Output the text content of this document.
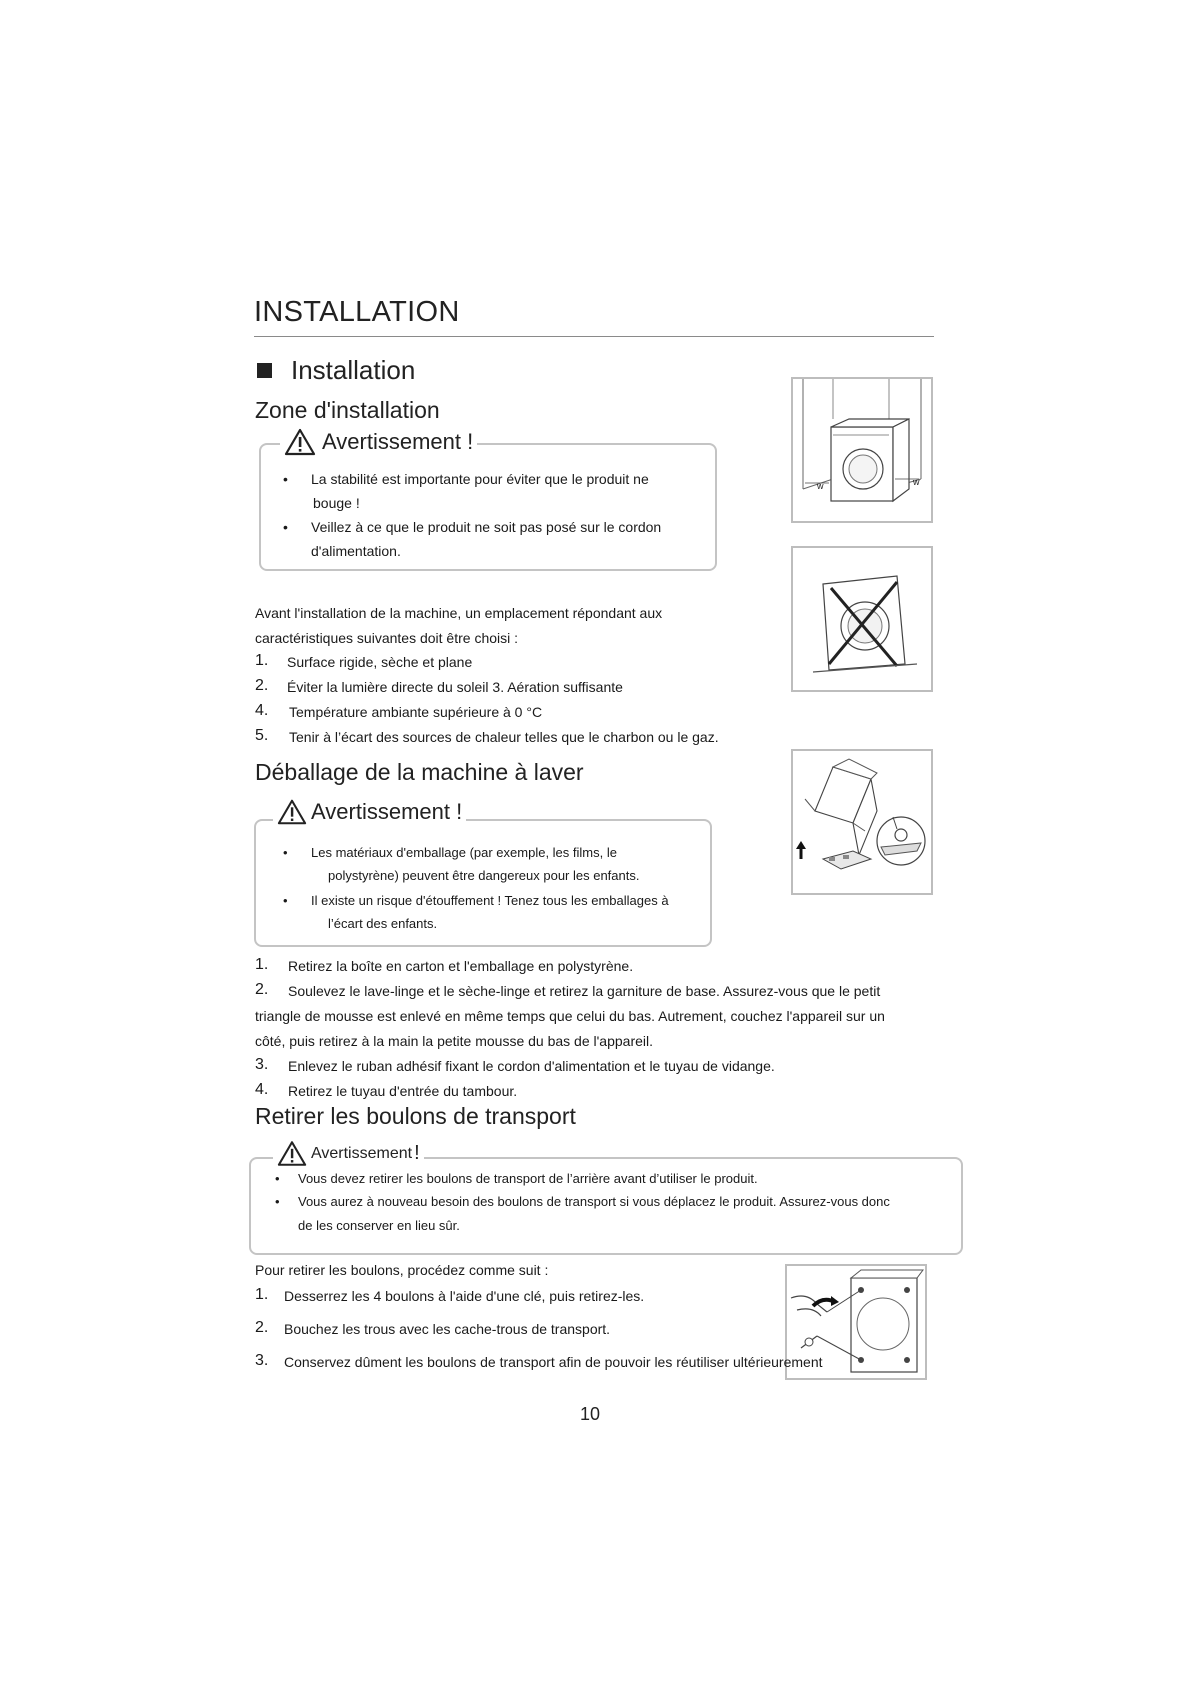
INSTALLATION
Installation
Zone d'installation
•	La stabilité est importante pour éviter que le produit ne
bouge !
•	Veillez à ce que le produit ne soit pas posé sur le cordon
d'alimentation.
Avertissement !
Avant l'installation de la machine, un emplacement répondant aux
caractéristiques suivantes doit être choisi :
1. Surface rigide, sèche et plane
2. Éviter la lumière directe du soleil 3. Aération suffisante
4. Température ambiante supérieure à 0 °C
5. Tenir à l’écart des sources de chaleur telles que le charbon ou le gaz.
w	w
Déballage de la machine à laver
•	Les matériaux d'emballage (par exemple, les films, le
polystyrène) peuvent être dangereux pour les enfants.
•	Il existe un risque d'étouffement ! Tenez tous les emballages à
l’écart des enfants.
Avertissement !
1. Retirez la boîte en carton et l'emballage en polystyrène.
2. Soulevez le lave-linge et le sèche-linge et retirez la garniture de base. Assurez-vous que le petit
triangle de mousse est enlevé en même temps que celui du bas. Autrement, couchez l'appareil sur un
côté, puis retirez à la main la petite mousse du bas de l'appareil.
3. Enlevez le ruban adhésif fixant le cordon d'alimentation et le tuyau de vidange.
4. Retirez le tuyau d'entrée du tambour.
Retirer les boulons de transport
•	Vous devez retirer les boulons de transport de l’arrière avant d’utiliser le produit.
•	Vous aurez à nouveau besoin des boulons de transport si vous déplacez le produit. Assurez-vous donc
de les conserver en lieu sûr.
Avertissement !
Pour retirer les boulons, procédez comme suit :
1. Desserrez les 4 boulons à l'aide d'une clé, puis retirez-les.
2. Bouchez les trous avec les cache-trous de transport.
3. Conservez dûment les boulons de transport afin de pouvoir les réutiliser ultérieurement
10
